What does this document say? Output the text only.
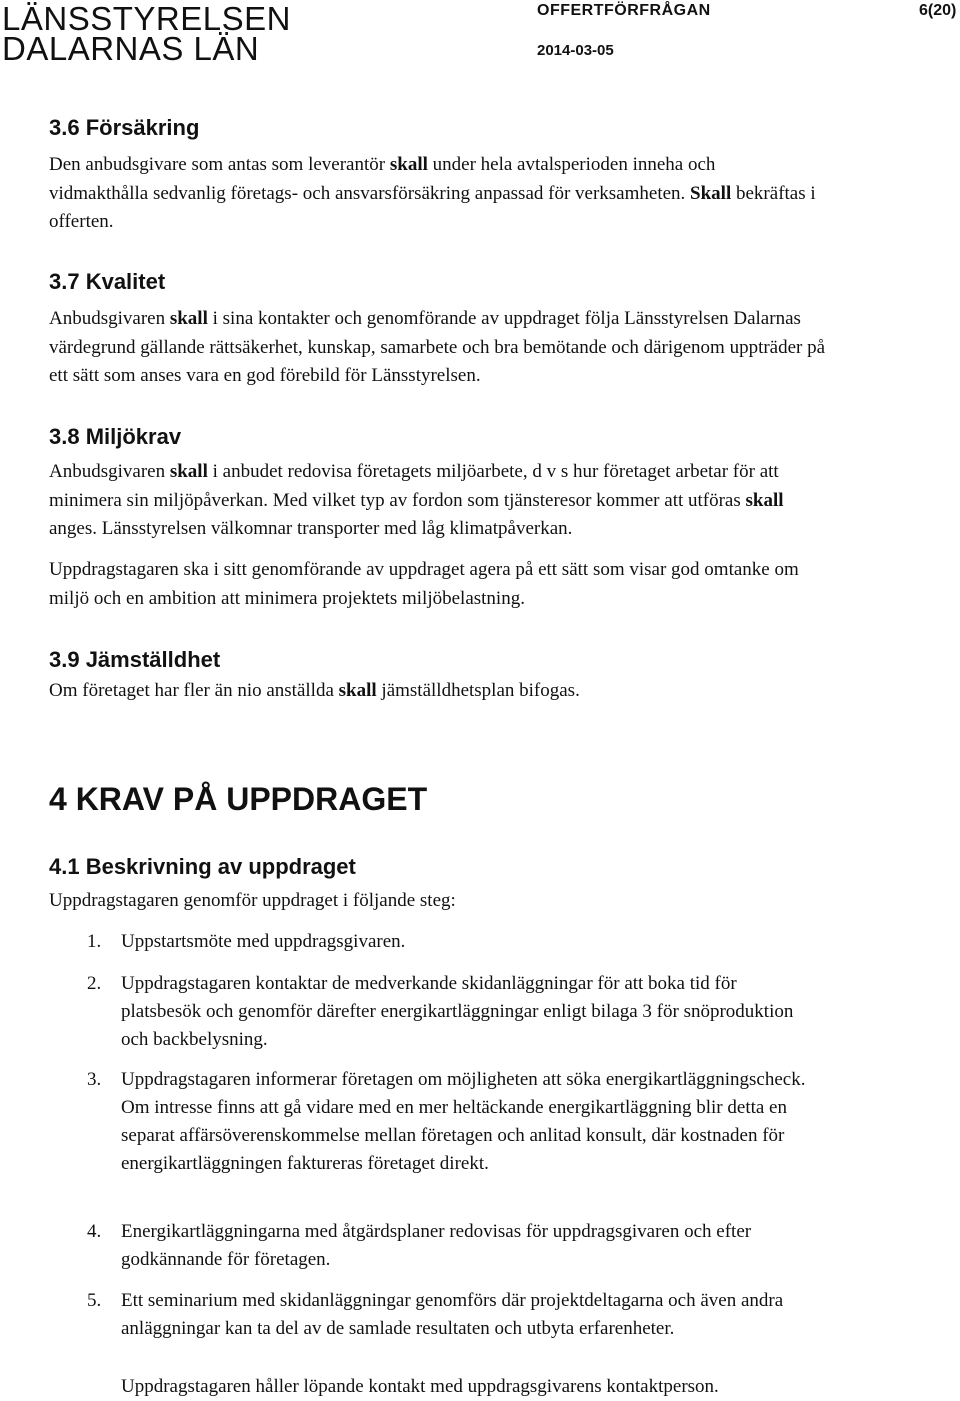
LÄNSSTYRELSEN
DALARNAS LÄN
OFFERTFÖRFRÅGAN	6(20)
2014-03-05
3.6 Försäkring

Den anbudsgivare som antas som leverantör skall under hela avtalsperioden inneha och vidmakthålla sedvanlig företags- och ansvarsförsäkring anpassad för verksamheten. Skall bekräftas i offerten.

3.7 Kvalitet

Anbudsgivaren skall i sina kontakter och genomförande av uppdraget följa Länsstyrelsen Dalarnas värdegrund gällande rättsäkerhet, kunskap, samarbete och bra bemötande och därigenom uppträder på ett sätt som anses vara en god förebild för Länsstyrelsen.

3.8 Miljökrav

Anbudsgivaren skall i anbudet redovisa företagets miljöarbete, d v s hur företaget arbetar för att minimera sin miljöpåverkan. Med vilket typ av fordon som tjänsteresor kommer att utföras skall anges. Länsstyrelsen välkomnar transporter med låg klimatpåverkan.

Uppdragstagaren ska i sitt genomförande av uppdraget agera på ett sätt som visar god omtanke om miljö och en ambition att minimera projektets miljöbelastning.

3.9 Jämställdhet

Om företaget har fler än nio anställda skall jämställdhetsplan bifogas.

4 KRAV PÅ UPPDRAGET
4.1 Beskrivning av uppdraget

Uppdragstagaren genomför uppdraget i följande steg:

1. Uppstartsmöte med uppdragsgivaren.
2. Uppdragstagaren kontaktar de medverkande skidanläggningar för att boka tid för platsbesök och genomför därefter energikartläggningar enligt bilaga 3 för snöproduktion och backbelysning.
3. Uppdragstagaren informerar företagen om möjligheten att söka energikartläggningscheck. Om intresse finns att gå vidare med en mer heltäckande energikartläggning blir detta en separat affärsöverenskommelse mellan företagen och anlitad konsult, där kostnaden för energikartläggningen faktureras företaget direkt.
4. Energikartläggningarna med åtgärdsplaner redovisas för uppdragsgivaren och efter godkännande för företagen.
5. Ett seminarium med skidanläggningar genomförs där projektdeltagarna och även andra anläggningar kan ta del av de samlade resultaten och utbyta erfarenheter.

Uppdragstagaren håller löpande kontakt med uppdragsgivarens kontaktperson.
